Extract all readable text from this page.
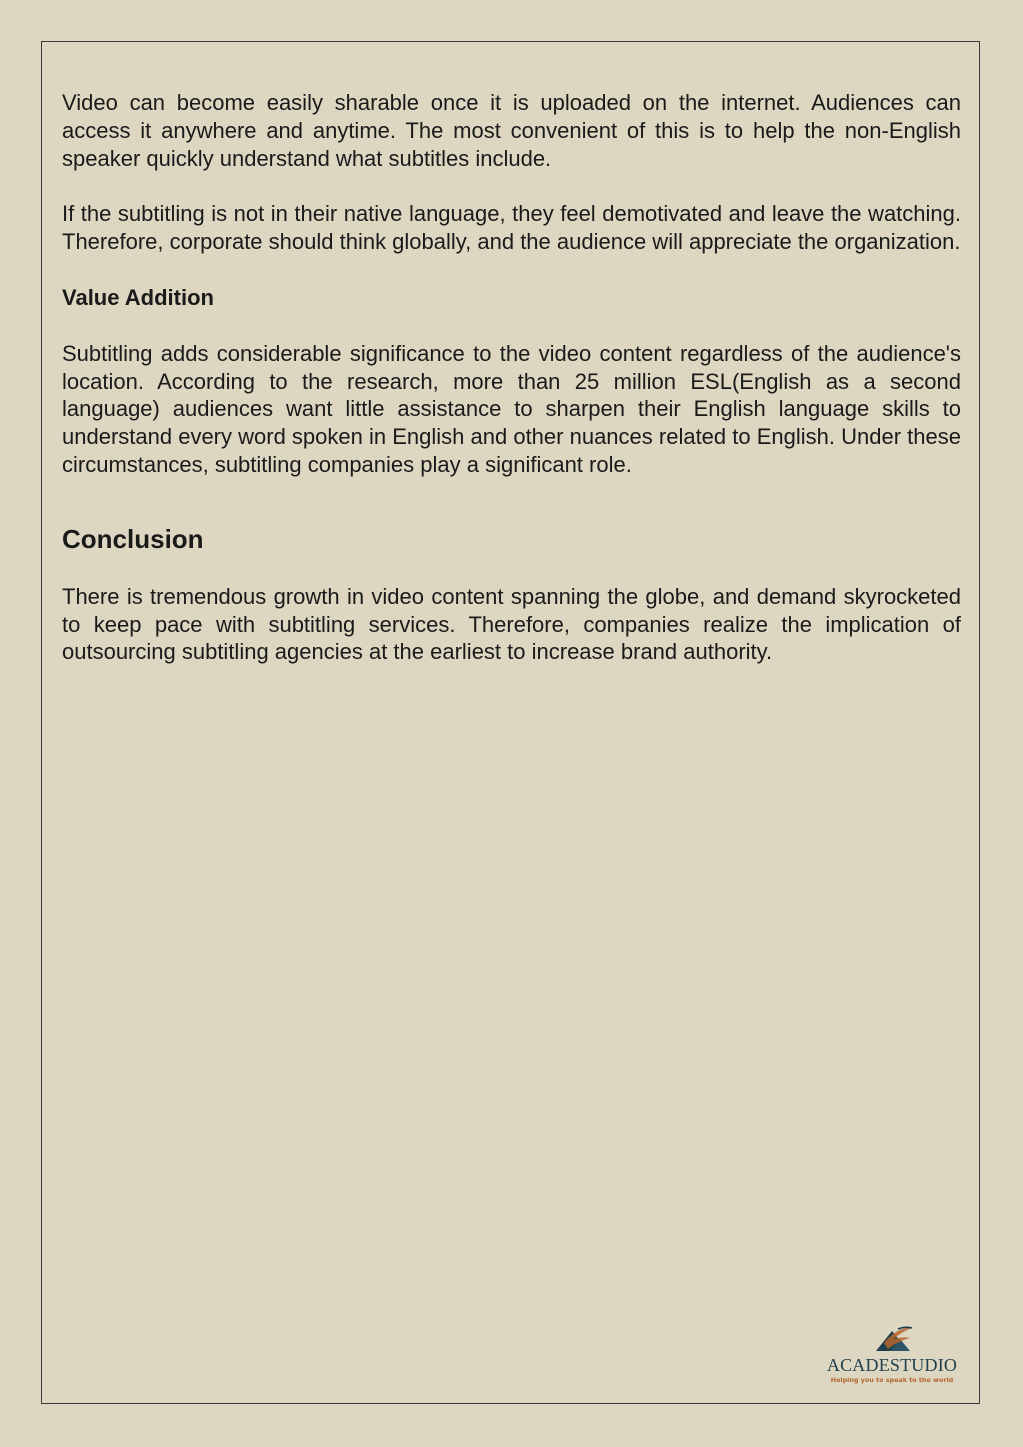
Video can become easily sharable once it is uploaded on the internet. Audiences can access it anywhere and anytime. The most convenient of this is to help the non-English speaker quickly understand what subtitles include.

If the subtitling is not in their native language, they feel demotivated and leave the watching. Therefore, corporate should think globally, and the audience will appreciate the organization.

Value Addition

Subtitling adds considerable significance to the video content regardless of the audience's location. According to the research, more than 25 million ESL(English as a second language) audiences want little assistance to sharpen their English language skills to understand every word spoken in English and other nuances related to English. Under these circumstances, subtitling companies play a significant role.

Conclusion

There is tremendous growth in video content spanning the globe, and demand skyrocketed to keep pace with subtitling services. Therefore, companies realize the implication of outsourcing subtitling agencies at the earliest to increase brand authority.

ACADESTUDIO
Helping you to speak to the world
